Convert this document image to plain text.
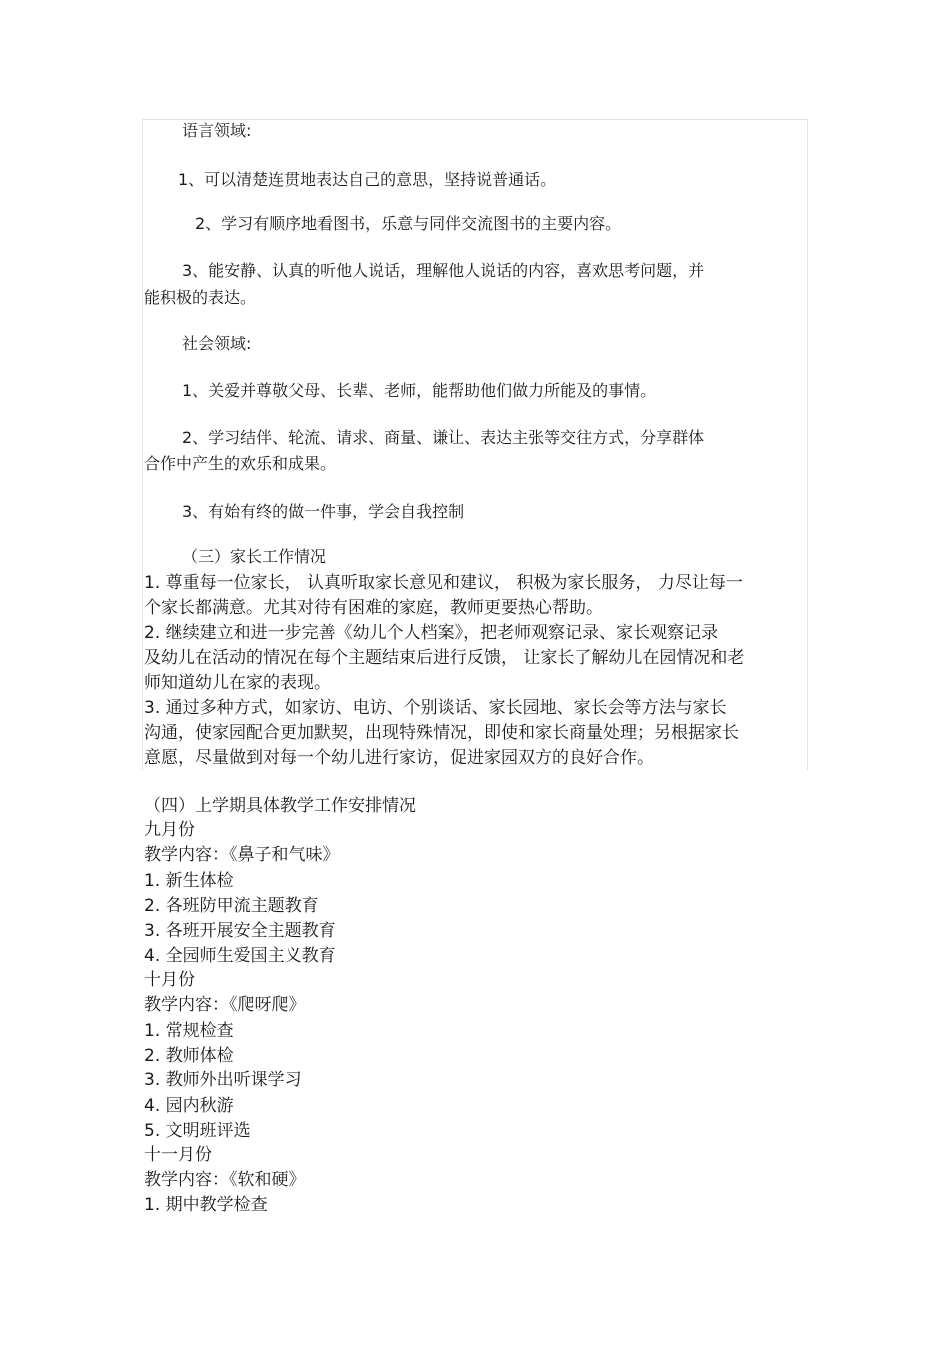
语言领域:
1、可以清楚连贯地表达自己的意思，坚持说普通话。
2、学习有顺序地看图书，乐意与同伴交流图书的主要内容。
3、能安静、认真的听他人说话，理解他人说话的内容，喜欢思考问题，并
能积极的表达。
社会领域:
1、关爱并尊敬父母、长辈、老师，能帮助他们做力所能及的事情。
2、学习结伴、轮流、请求、商量、谦让、表达主张等交往方式，分享群体
合作中产生的欢乐和成果。
3、有始有终的做一件事，学会自我控制
（三）家长工作情况
1. 尊重每一位家长， 认真听取家长意见和建议， 积极为家长服务， 力尽让每一
个家长都满意。尤其对待有困难的家庭，教师更要热心帮助。
2. 继续建立和进一步完善《幼儿个人档案》，把老师观察记录、家长观察记录
及幼儿在活动的情况在每个主题结束后进行反馈， 让家长了解幼儿在园情况和老
师知道幼儿在家的表现。
3. 通过多种方式，如家访、电访、个别谈话、家长园地、家长会等方法与家长
沟通，使家园配合更加默契，出现特殊情况，即使和家长商量处理；另根据家长
意愿，尽量做到对每一个幼儿进行家访，促进家园双方的良好合作。
（四）上学期具体教学工作安排情况
九月份
教学内容：《鼻子和气味》
1. 新生体检
2. 各班防甲流主题教育
3. 各班开展安全主题教育
4. 全园师生爱国主义教育
十月份
教学内容：《爬呀爬》
1. 常规检查
2. 教师体检
3. 教师外出听课学习
4. 园内秋游
5. 文明班评选
十一月份
教学内容：《软和硬》
1. 期中教学检查
